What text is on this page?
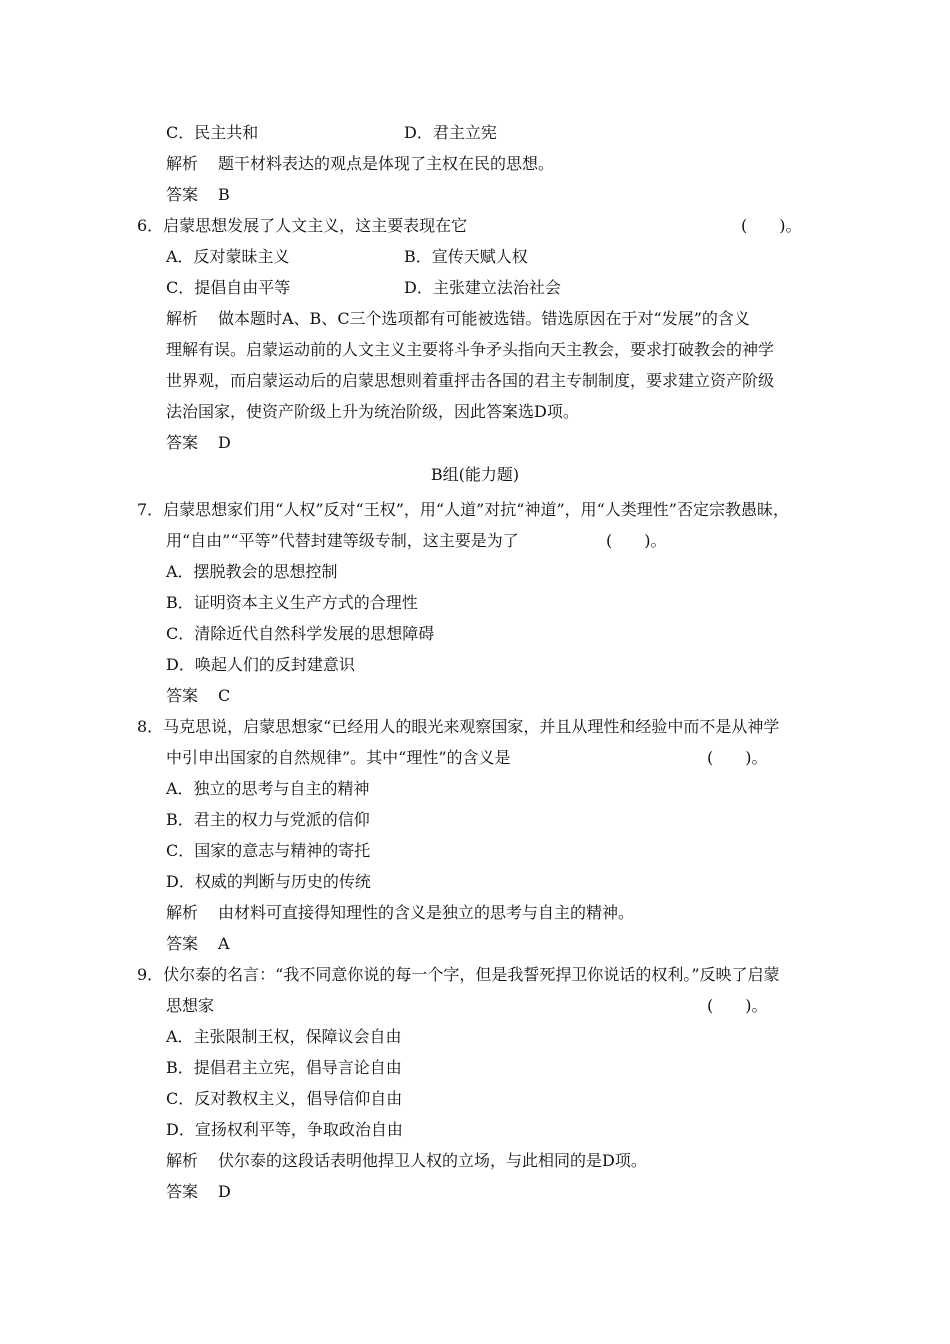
C．民主共和	D．君主立宪
解析 题干材料表达的观点是体现了主权在民的思想。
答案 B
6．启蒙思想发展了人文主义，这主要表现在它	(　　)。
A．反对蒙昧主义	B．宣传天赋人权
C．提倡自由平等	D．主张建立法治社会
解析 做本题时A、B、C三个选项都有可能被选错。错选原因在于对“发展”的含义
理解有误。启蒙运动前的人文主义主要将斗争矛头指向天主教会，要求打破教会的神学
世界观，而启蒙运动后的启蒙思想则着重抨击各国的君主专制制度，要求建立资产阶级
法治国家，使资产阶级上升为统治阶级，因此答案选D项。
答案 D
B组(能力题)
7．启蒙思想家们用“人权”反对“王权”，用“人道”对抗“神道”，用“人类理性”否定宗教愚昧，
用“自由”“平等”代替封建等级专制，这主要是为了	(　　)。
A．摆脱教会的思想控制
B．证明资本主义生产方式的合理性
C．清除近代自然科学发展的思想障碍
D．唤起人们的反封建意识
答案 C
8．马克思说，启蒙思想家“已经用人的眼光来观察国家，并且从理性和经验中而不是从神学
中引申出国家的自然规律”。其中“理性”的含义是	(　　)。
A．独立的思考与自主的精神
B．君主的权力与党派的信仰
C．国家的意志与精神的寄托
D．权威的判断与历史的传统
解析 由材料可直接得知理性的含义是独立的思考与自主的精神。
答案 A
9．伏尔泰的名言：“我不同意你说的每一个字，但是我誓死捍卫你说话的权利。”反映了启蒙
思想家	(　　)。
A．主张限制王权，保障议会自由
B．提倡君主立宪，倡导言论自由
C．反对教权主义，倡导信仰自由
D．宣扬权利平等，争取政治自由
解析 伏尔泰的这段话表明他捍卫人权的立场，与此相同的是D项。
答案 D
